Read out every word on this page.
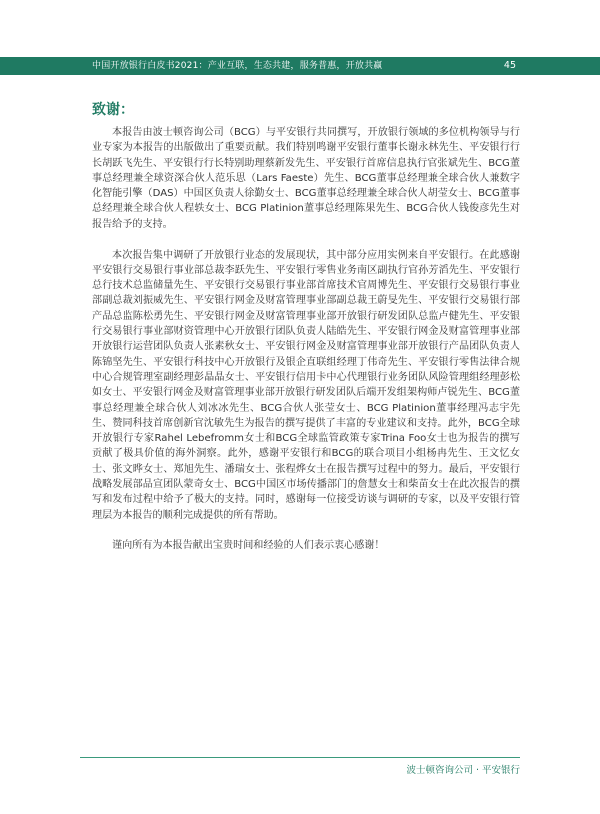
中国开放银行白皮书2021：产业互联，生态共建，服务普惠，开放共赢	45
致谢：

本报告由波士顿咨询公司（BCG）与平安银行共同撰写，开放银行领域的多位机构领导与行业专家为本报告的出版做出了重要贡献。我们特别鸣谢平安银行董事长谢永林先生、平安银行行长胡跃飞先生、平安银行行长特别助理蔡新发先生、平安银行首席信息执行官张斌先生、BCG董事总经理兼全球资深合伙人范乐思（Lars Faeste）先生、BCG董事总经理兼全球合伙人兼数字化智能引擎（DAS）中国区负责人徐勤女士、BCG董事总经理兼全球合伙人胡莹女士、BCG董事总经理兼全球合伙人程轶女士、BCG Platinion董事总经理陈果先生、BCG合伙人钱俊彦先生对报告给予的支持。

本次报告集中调研了开放银行业态的发展现状，其中部分应用实例来自平安银行。在此感谢平安银行交易银行事业部总裁李跃先生、平安银行零售业务南区副执行官孙芳滔先生、平安银行总行技术总监储量先生、平安银行交易银行事业部首席技术官周博先生、平安银行交易银行事业部副总裁刘振威先生、平安银行网金及财富管理事业部副总裁王蔚旻先生、平安银行交易银行部产品总监陈松勇先生、平安银行网金及财富管理事业部开放银行研发团队总监卢健先生、平安银行交易银行事业部财资管理中心开放银行团队负责人陆皓先生、平安银行网金及财富管理事业部开放银行运营团队负责人张素秋女士、平安银行网金及财富管理事业部开放银行产品团队负责人陈锦坚先生、平安银行科技中心开放银行及银企直联组经理丁伟奇先生、平安银行零售法律合规中心合规管理室副经理彭晶晶女士、平安银行信用卡中心代理银行业务团队风险管理组经理彭松如女士、平安银行网金及财富管理事业部开放银行研发团队后端开发组架构师卢锐先生、BCG董事总经理兼全球合伙人刘冰冰先生、BCG合伙人张莹女士、BCG Platinion董事经理冯志宇先生、赞同科技首席创新官沈敏先生为报告的撰写提供了丰富的专业建议和支持。此外，BCG全球开放银行专家Rahel Lebefromm女士和BCG全球监管政策专家Trina Foo女士也为报告的撰写贡献了极具价值的海外洞察。此外，感谢平安银行和BCG的联合项目小组杨冉先生、王文忆女士、张文晔女士、郑旭先生、潘瑞女士、张程烨女士在报告撰写过程中的努力。最后，平安银行战略发展部品宣团队蒙奇女士、BCG中国区市场传播部门的詹慧女士和柴苗女士在此次报告的撰写和发布过程中给予了极大的支持。同时，感谢每一位接受访谈与调研的专家，以及平安银行管理层为本报告的顺利完成提供的所有帮助。

谨向所有为本报告献出宝贵时间和经验的人们表示衷心感谢！

波士顿咨询公司 · 平安银行
